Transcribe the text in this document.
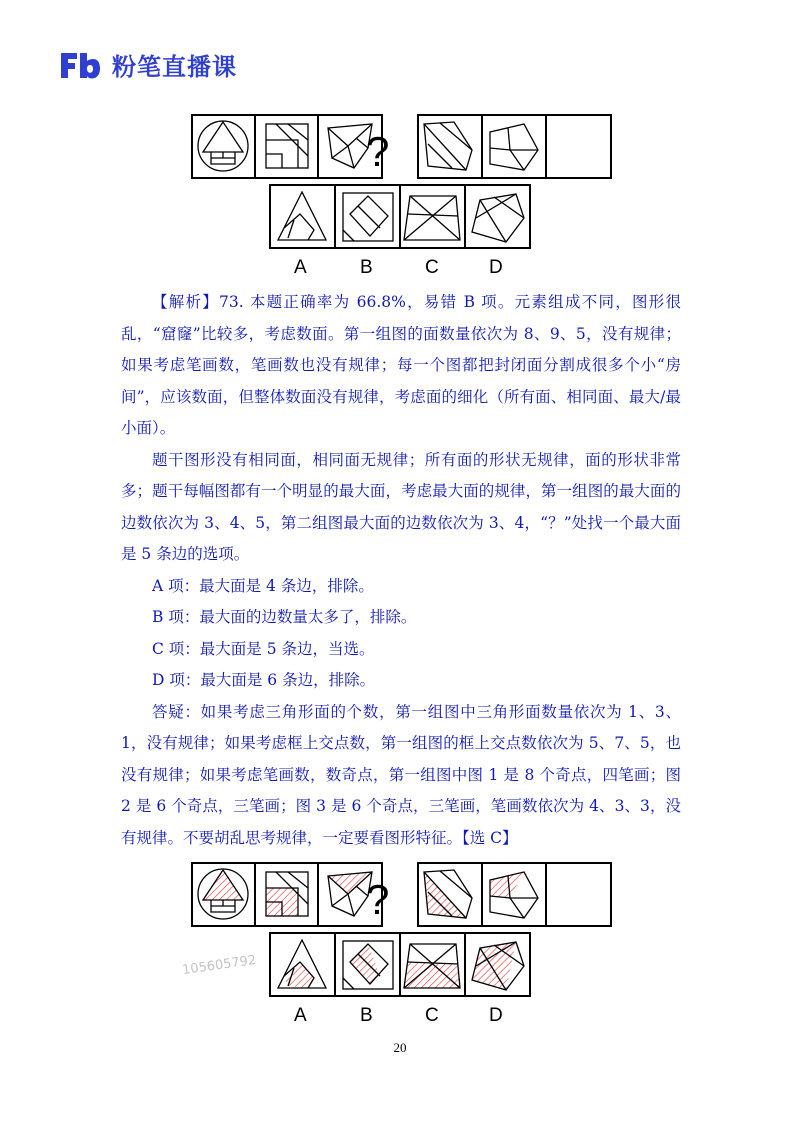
粉笔直播课
?
A	B	C	D

【解析】73. 本题正确率为 66.8%，易错 B 项。元素组成不同，图形很乱，“窟窿”比较多，考虑数面。第一组图的面数量依次为 8、9、5，没有规律；如果考虑笔画数，笔画数也没有规律；每一个图都把封闭面分割成很多个小“房间”，应该数面，但整体数面没有规律，考虑面的细化（所有面、相同面、最大/最小面）。

题干图形没有相同面，相同面无规律；所有面的形状无规律，面的形状非常多；题干每幅图都有一个明显的最大面，考虑最大面的规律，第一组图的最大面的边数依次为 3、4、5，第二组图最大面的边数依次为 3、4，“？”处找一个最大面是 5 条边的选项。

A 项：最大面是 4 条边，排除。

B 项：最大面的边数量太多了，排除。

C 项：最大面是 5 条边，当选。

D 项：最大面是 6 条边，排除。

答疑：如果考虑三角形面的个数，第一组图中三角形面数量依次为 1、3、1，没有规律；如果考虑框上交点数，第一组图的框上交点数依次为 5、7、5，也没有规律；如果考虑笔画数，数奇点，第一组图中图 1 是 8 个奇点，四笔画；图 2 是 6 个奇点，三笔画；图 3 是 6 个奇点，三笔画，笔画数依次为 4、3、3，没有规律。不要胡乱思考规律，一定要看图形特征。【选 C】

?
A	B	C	D
105605792
20
